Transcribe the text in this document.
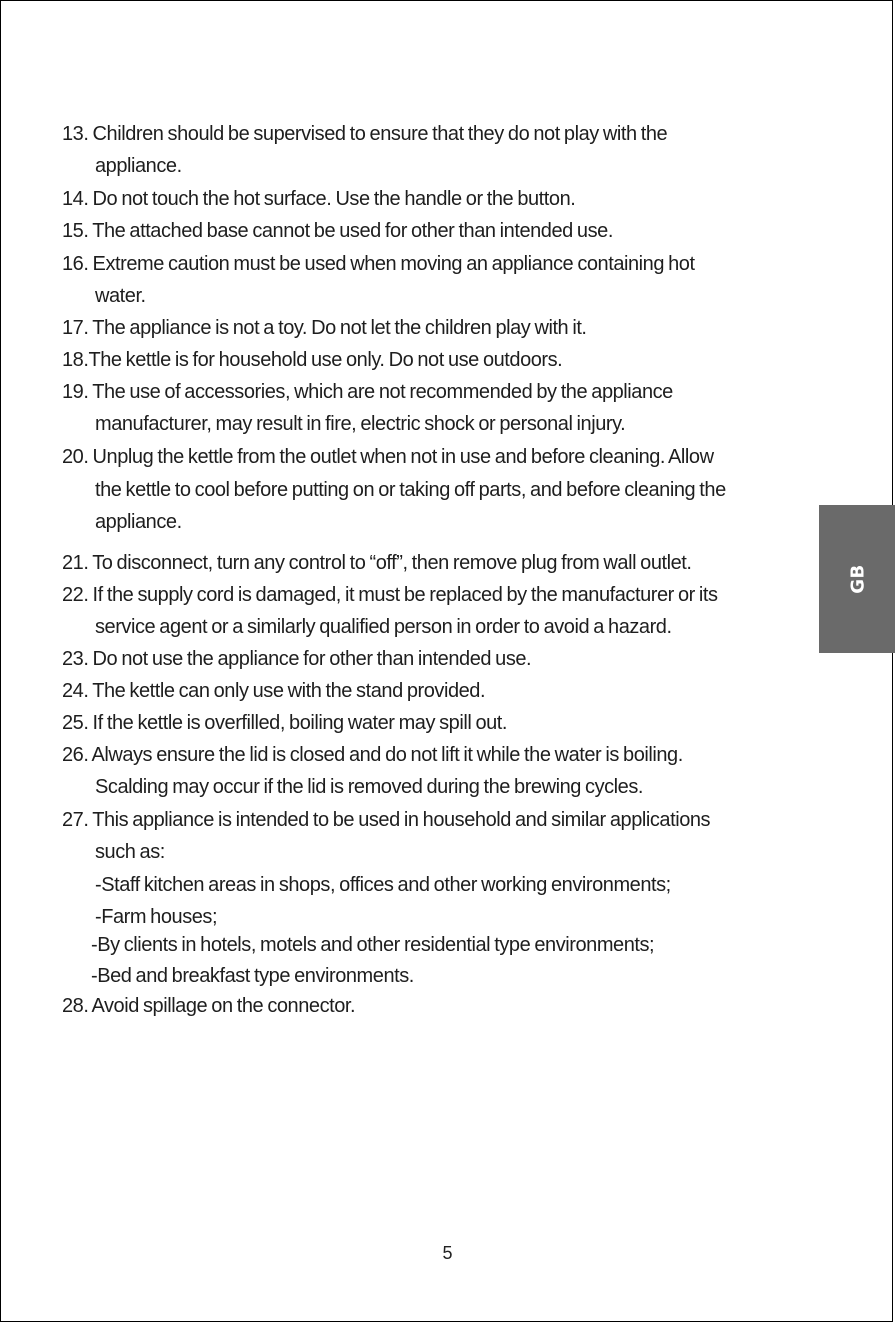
13. Children should be supervised to ensure that they do not play with the
appliance.
14. Do not touch the hot surface. Use the handle or the button.
15. The attached base cannot be used for other than intended use.
16. Extreme caution must be used when moving an appliance containing hot
water.
17. The appliance is not a toy. Do not let the children play with it.
18.The kettle is for household use only. Do not use outdoors.
19. The use of accessories, which are not recommended by the appliance
manufacturer, may result in fire, electric shock or personal injury.
20. Unplug the kettle from the outlet when not in use and before cleaning. Allow
the kettle to cool before putting on or taking off parts, and before cleaning the
appliance.
21. To disconnect, turn any control to “off”, then remove plug from wall outlet.
22. If the supply cord is damaged, it must be replaced by the manufacturer or its
service agent or a similarly qualified person in order to avoid a hazard.
23. Do not use the appliance for other than intended use.
24. The kettle can only use with the stand provided.
25. If the kettle is overfilled, boiling water may spill out.
26. Always ensure the lid is closed and do not lift it while the water is boiling.
Scalding may occur if the lid is removed during the brewing cycles.
27. This appliance is intended to be used in household and similar applications
such as:
-Staff kitchen areas in shops, offices and other working environments;
-Farm houses;
-By clients in hotels, motels and other residential type environments;
-Bed and breakfast type environments.
28. Avoid spillage on the connector.
GB
5
